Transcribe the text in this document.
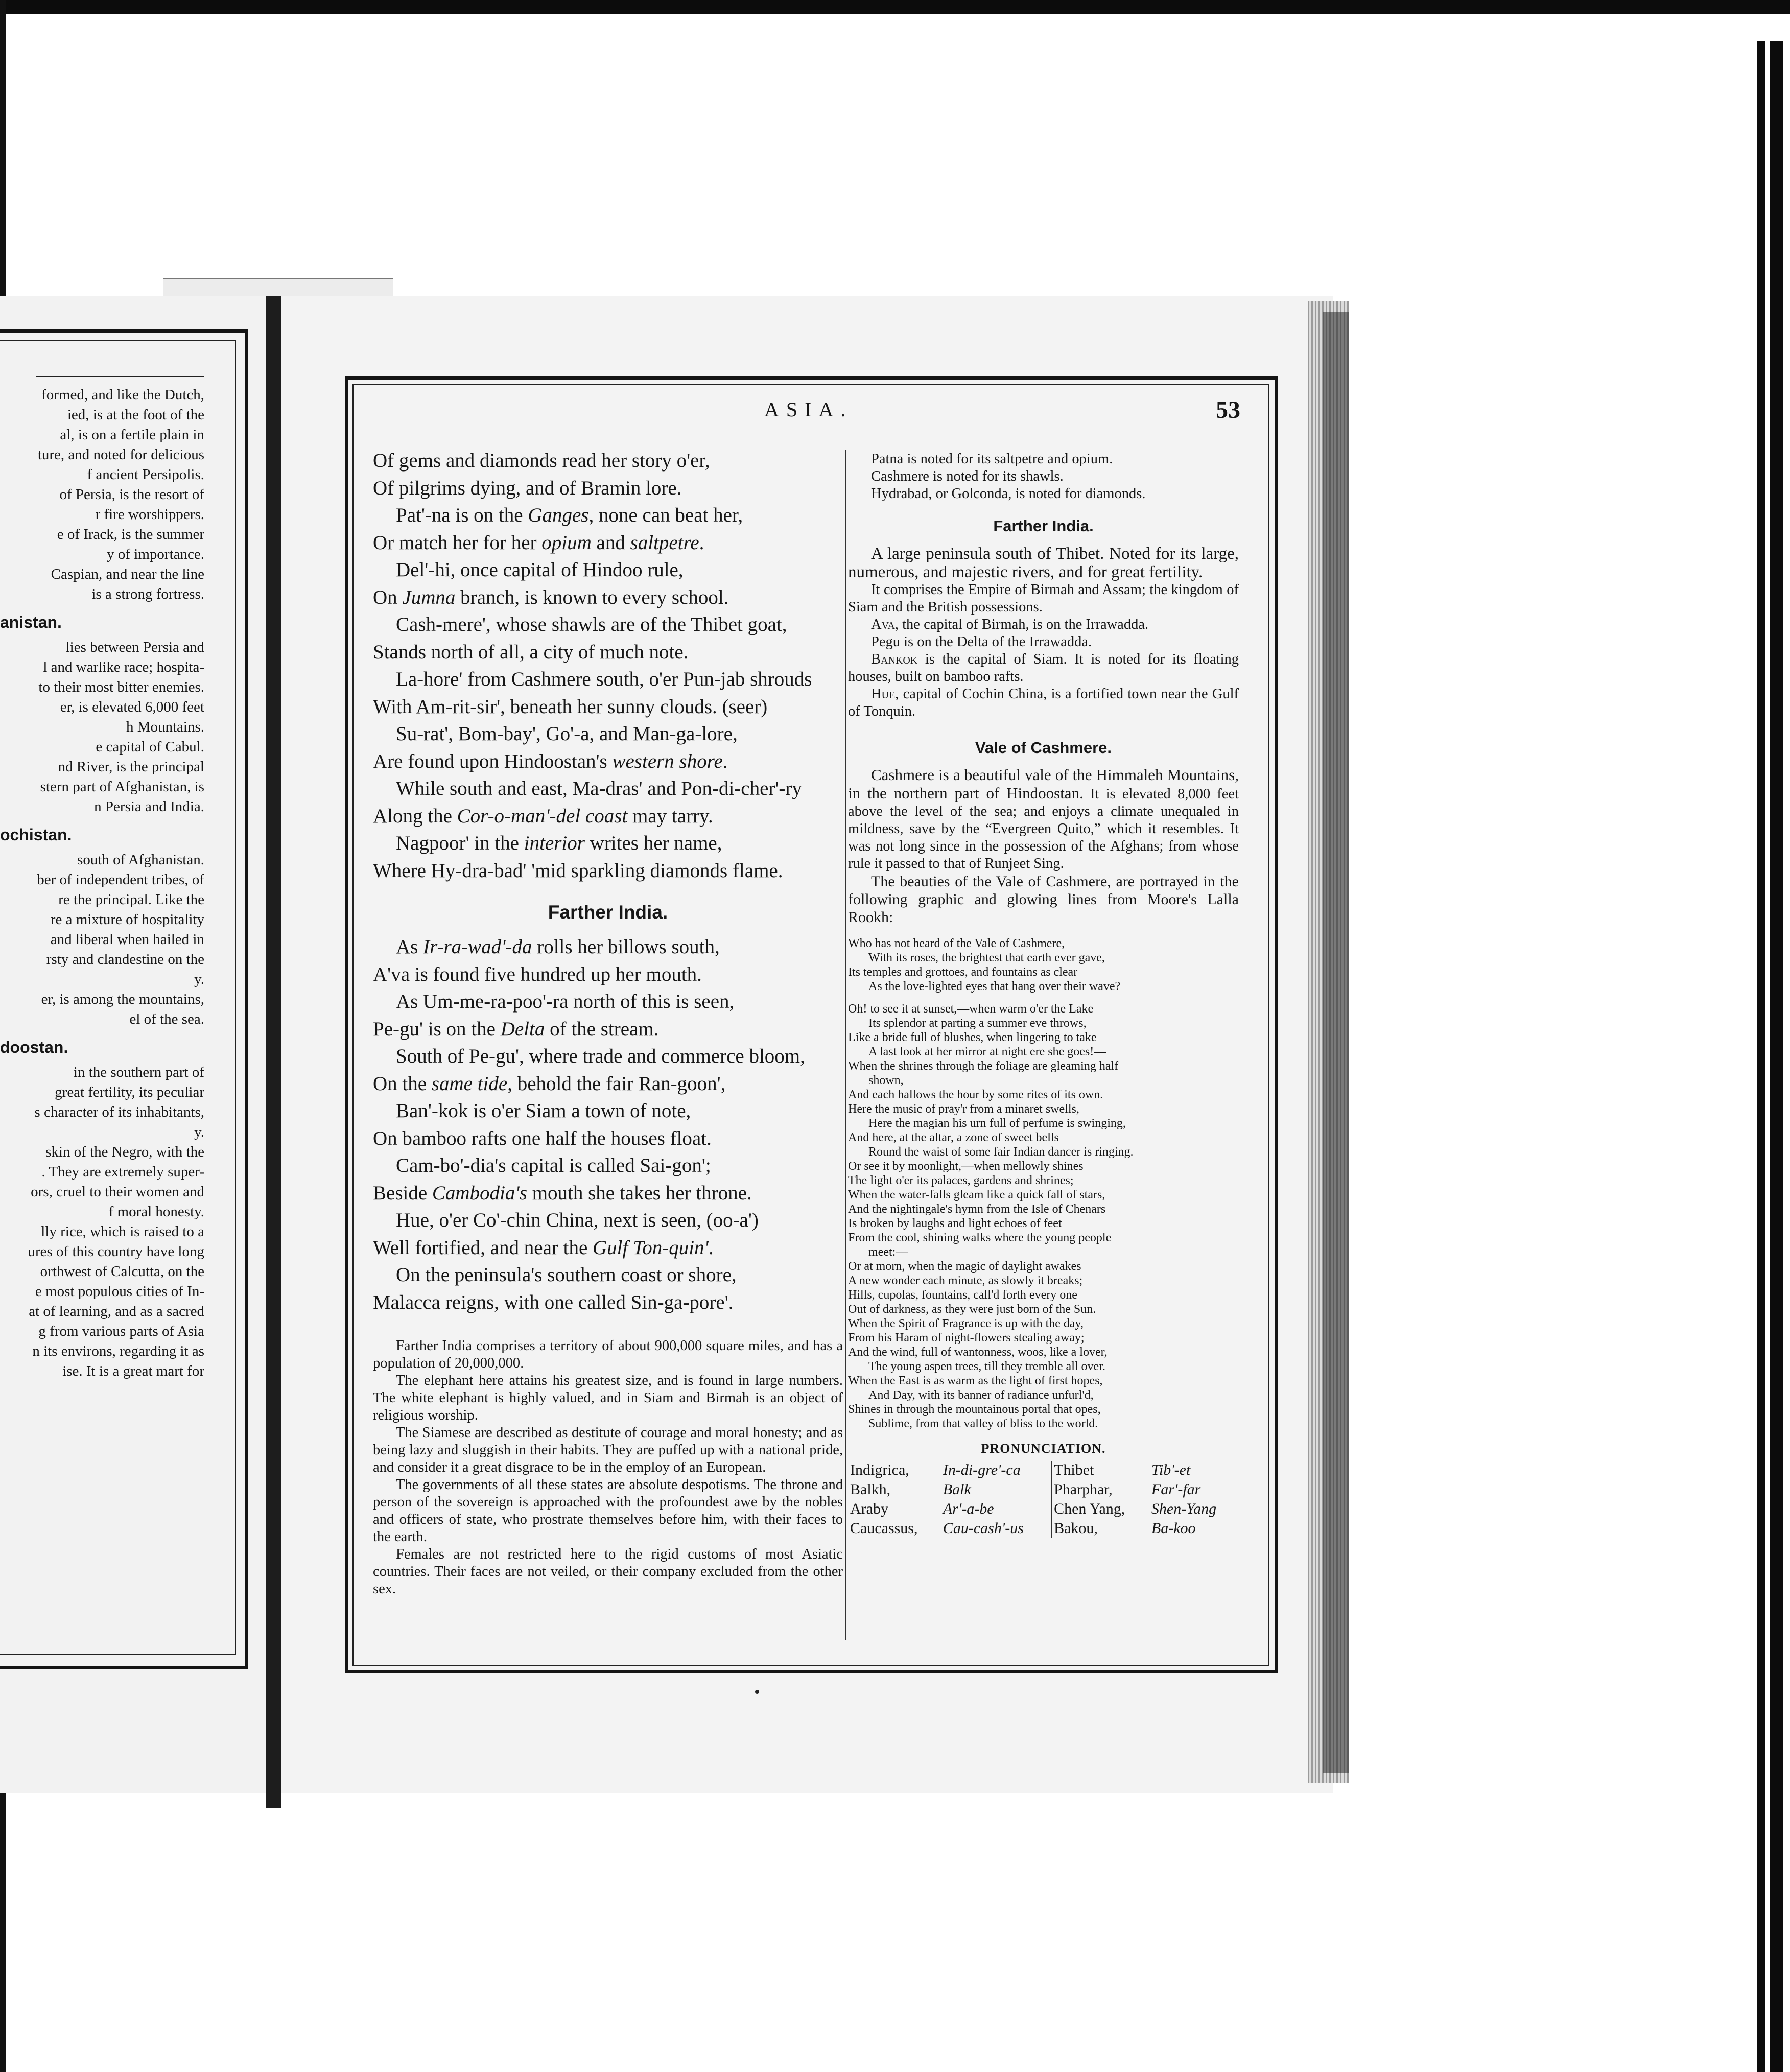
formed, and like the Dutch,
ied, is at the foot of the
al, is on a fertile plain in
ture, and noted for delicious
f ancient Persipolis.
of Persia, is the resort of
r fire worshippers.
e of Irack, is the summer
y of importance.
Caspian, and near the line
is a strong fortress.
anistan.
lies between Persia and
l and warlike race; hospita-
to their most bitter enemies.
er, is elevated 6,000 feet
h Mountains.
e capital of Cabul.
nd River, is the principal
stern part of Afghanistan, is
n Persia and India.
ochistan.
south of Afghanistan.
ber of independent tribes, of
re the principal. Like the
re a mixture of hospitality
and liberal when hailed in
rsty and clandestine on the
y.
er, is among the mountains,
el of the sea.
doostan.
in the southern part of
great fertility, its peculiar
s character of its inhabitants,
y.
skin of the Negro, with the
. They are extremely super-
ors, cruel to their women and
f moral honesty.
lly rice, which is raised to a
ures of this country have long
orthwest of Calcutta, on the
e most populous cities of In-
at of learning, and as a sacred
g from various parts of Asia
n its environs, regarding it as
ise. It is a great mart for
ASIA.	53
Of gems and diamonds read her story o'er,
Of pilgrims dying, and of Bramin lore.
Pat'-na is on the Ganges, none can beat her,
Or match her for her opium and saltpetre.
Del'-hi, once capital of Hindoo rule,
On Jumna branch, is known to every school.
Cash-mere', whose shawls are of the Thibet goat,
Stands north of all, a city of much note.
La-hore' from Cashmere south, o'er Pun-jab shrouds
With Am-rit-sir', beneath her sunny clouds. (seer)
Su-rat', Bom-bay', Go'-a, and Man-ga-lore,
Are found upon Hindoostan's western shore.
While south and east, Ma-dras' and Pon-di-cher'-ry
Along the Cor-o-man'-del coast may tarry.
Nagpoor' in the interior writes her name,
Where Hy-dra-bad' 'mid sparkling diamonds flame.
Farther India.
As Ir-ra-wad'-da rolls her billows south,
A'va is found five hundred up her mouth.
As Um-me-ra-poo'-ra north of this is seen,
Pe-gu' is on the Delta of the stream.
South of Pe-gu', where trade and commerce bloom,
On the same tide, behold the fair Ran-goon',
Ban'-kok is o'er Siam a town of note,
On bamboo rafts one half the houses float.
Cam-bo'-dia's capital is called Sai-gon';
Beside Cambodia's mouth she takes her throne.
Hue, o'er Co'-chin China, next is seen, (oo-a')
Well fortified, and near the Gulf Ton-quin'.
On the peninsula's southern coast or shore,
Malacca reigns, with one called Sin-ga-pore'.
Farther India comprises a territory of about 900,000 square miles, and has a population of 20,000,000.
The elephant here attains his greatest size, and is found in large numbers. The white elephant is highly valued, and in Siam and Birmah is an object of religious worship.
The Siamese are described as destitute of courage and moral honesty; and as being lazy and sluggish in their habits. They are puffed up with a national pride, and consider it a great disgrace to be in the employ of an European.
The governments of all these states are absolute despotisms. The throne and person of the sovereign is approached with the profoundest awe by the nobles and officers of state, who prostrate themselves before him, with their faces to the earth.
Females are not restricted here to the rigid customs of most Asiatic countries. Their faces are not veiled, or their company excluded from the other sex.
Patna is noted for its saltpetre and opium.
Cashmere is noted for its shawls.
Hydrabad, or Golconda, is noted for diamonds.
Farther India.
A large peninsula south of Thibet. Noted for its large, numerous, and majestic rivers, and for great fertility.
It comprises the Empire of Birmah and Assam; the kingdom of Siam and the British possessions.
Ava, the capital of Birmah, is on the Irrawadda.
Pegu is on the Delta of the Irrawadda.
Bankok is the capital of Siam. It is noted for its floating houses, built on bamboo rafts.
Hue, capital of Cochin China, is a fortified town near the Gulf of Tonquin.
Vale of Cashmere.
Cashmere is a beautiful vale of the Himmaleh Mountains, in the northern part of Hindoostan. It is elevated 8,000 feet above the level of the sea; and enjoys a climate unequaled in mildness, save by the “Evergreen Quito,” which it resembles. It was not long since in the possession of the Afghans; from whose rule it passed to that of Runjeet Sing.
The beauties of the Vale of Cashmere, are portrayed in the following graphic and glowing lines from Moore's Lalla Rookh:
Who has not heard of the Vale of Cashmere,
With its roses, the brightest that earth ever gave,
Its temples and grottoes, and fountains as clear
As the love-lighted eyes that hang over their wave?
Oh! to see it at sunset,—when warm o'er the Lake
Its splendor at parting a summer eve throws,
Like a bride full of blushes, when lingering to take
A last look at her mirror at night ere she goes!—
When the shrines through the foliage are gleaming half
shown,
And each hallows the hour by some rites of its own.
Here the music of pray'r from a minaret swells,
Here the magian his urn full of perfume is swinging,
And here, at the altar, a zone of sweet bells
Round the waist of some fair Indian dancer is ringing.
Or see it by moonlight,—when mellowly shines
The light o'er its palaces, gardens and shrines;
When the water-falls gleam like a quick fall of stars,
And the nightingale's hymn from the Isle of Chenars
Is broken by laughs and light echoes of feet
From the cool, shining walks where the young people
meet:—
Or at morn, when the magic of daylight awakes
A new wonder each minute, as slowly it breaks;
Hills, cupolas, fountains, call'd forth every one
Out of darkness, as they were just born of the Sun.
When the Spirit of Fragrance is up with the day,
From his Haram of night-flowers stealing away;
And the wind, full of wantonness, woos, like a lover,
The young aspen trees, till they tremble all over.
When the East is as warm as the light of first hopes,
And Day, with its banner of radiance unfurl'd,
Shines in through the mountainous portal that opes,
Sublime, from that valley of bliss to the world.
PRONUNCIATION.
Indigrica,	In-di-gre'-ca	Thibet	Tib'-et
Balkh,	Balk	Pharphar,	Far'-far
Araby	Ar'-a-be	Chen Yang,	Shen-Yang
Caucassus,	Cau-cash'-us	Bakou,	Ba-koo
